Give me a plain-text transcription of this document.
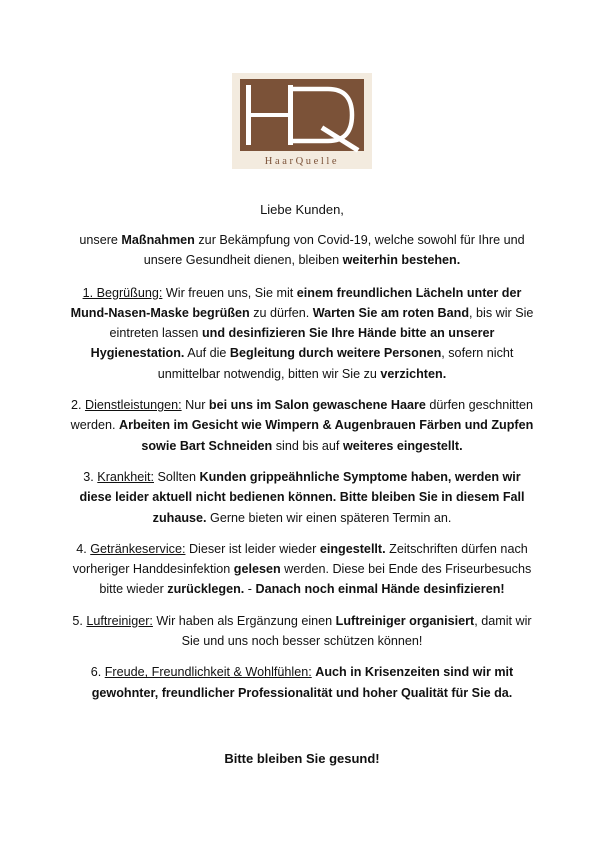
HaarQuelle
Liebe Kunden,

unsere Maßnahmen zur Bekämpfung von Covid-19, welche sowohl für Ihre und unsere Gesundheit dienen, bleiben weiterhin bestehen.

1. Begrüßung: Wir freuen uns, Sie mit einem freundlichen Lächeln unter der Mund-Nasen-Maske begrüßen zu dürfen. Warten Sie am roten Band, bis wir Sie eintreten lassen und desinfizieren Sie Ihre Hände bitte an unserer Hygienestation. Auf die Begleitung durch weitere Personen, sofern nicht unmittelbar notwendig, bitten wir Sie zu verzichten.

2. Dienstleistungen: Nur bei uns im Salon gewaschene Haare dürfen geschnitten werden. Arbeiten im Gesicht wie Wimpern & Augenbrauen Färben und Zupfen sowie Bart Schneiden sind bis auf weiteres eingestellt.

3. Krankheit: Sollten Kunden grippeähnliche Symptome haben, werden wir diese leider aktuell nicht bedienen können. Bitte bleiben Sie in diesem Fall zuhause. Gerne bieten wir einen späteren Termin an.

4. Getränkeservice: Dieser ist leider wieder eingestellt. Zeitschriften dürfen nach vorheriger Handdesinfektion gelesen werden. Diese bei Ende des Friseurbesuchs bitte wieder zurücklegen. - Danach noch einmal Hände desinfizieren!

5. Luftreiniger: Wir haben als Ergänzung einen Luftreiniger organisiert, damit wir Sie und uns noch besser schützen können!

6. Freude, Freundlichkeit & Wohlfühlen: Auch in Krisenzeiten sind wir mit gewohnter, freundlicher Professionalität und hoher Qualität für Sie da.

Bitte bleiben Sie gesund!
